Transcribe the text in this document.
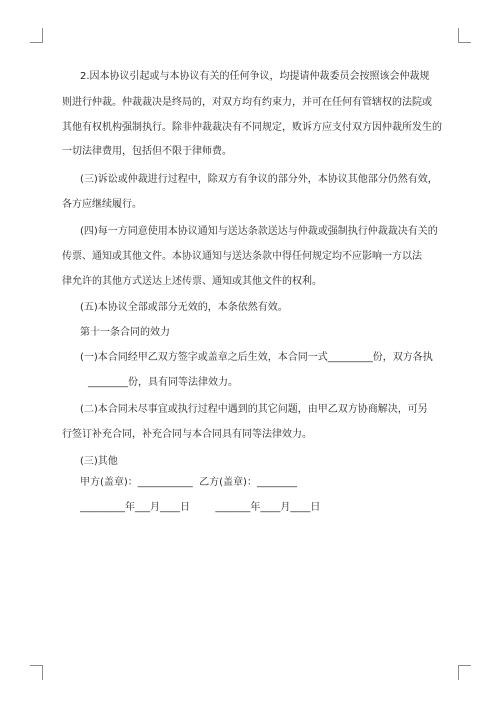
2.因本协议引起或与本协议有关的任何争议，均提请仲裁委员会按照该会仲裁规
则进行仲裁。仲裁裁决是终局的，对双方均有约束力，并可在任何有管辖权的法院或
其他有权机构强制执行。除非仲裁裁决有不同规定，败诉方应支付双方因仲裁所发生的
一切法律费用，包括但不限于律师费。
(三)诉讼或仲裁进行过程中，除双方有争议的部分外，本协议其他部分仍然有效，
各方应继续履行。
(四)每一方同意使用本协议通知与送达条款送达与仲裁或强制执行仲裁裁决有关的
传票、通知或其他文件。本协议通知与送达条款中得任何规定均不应影响一方以法
律允许的其他方式送达上述传票、通知或其他文件的权利。
(五)本协议全部或部分无效的，本条依然有效。
第十一条合同的效力
(一)本合同经甲乙双方签字或盖章之后生效，本合同一式_________份，双方各执
________份，具有同等法律效力。
(二)本合同未尽事宜或执行过程中遇到的其它问题，由甲乙双方协商解决，可另
行签订补充合同，补充合同与本合同具有同等法律效力。
(三)其他
甲方(盖章)：___________  乙方(盖章)：________
_________年___月____日        _______年____月____日
